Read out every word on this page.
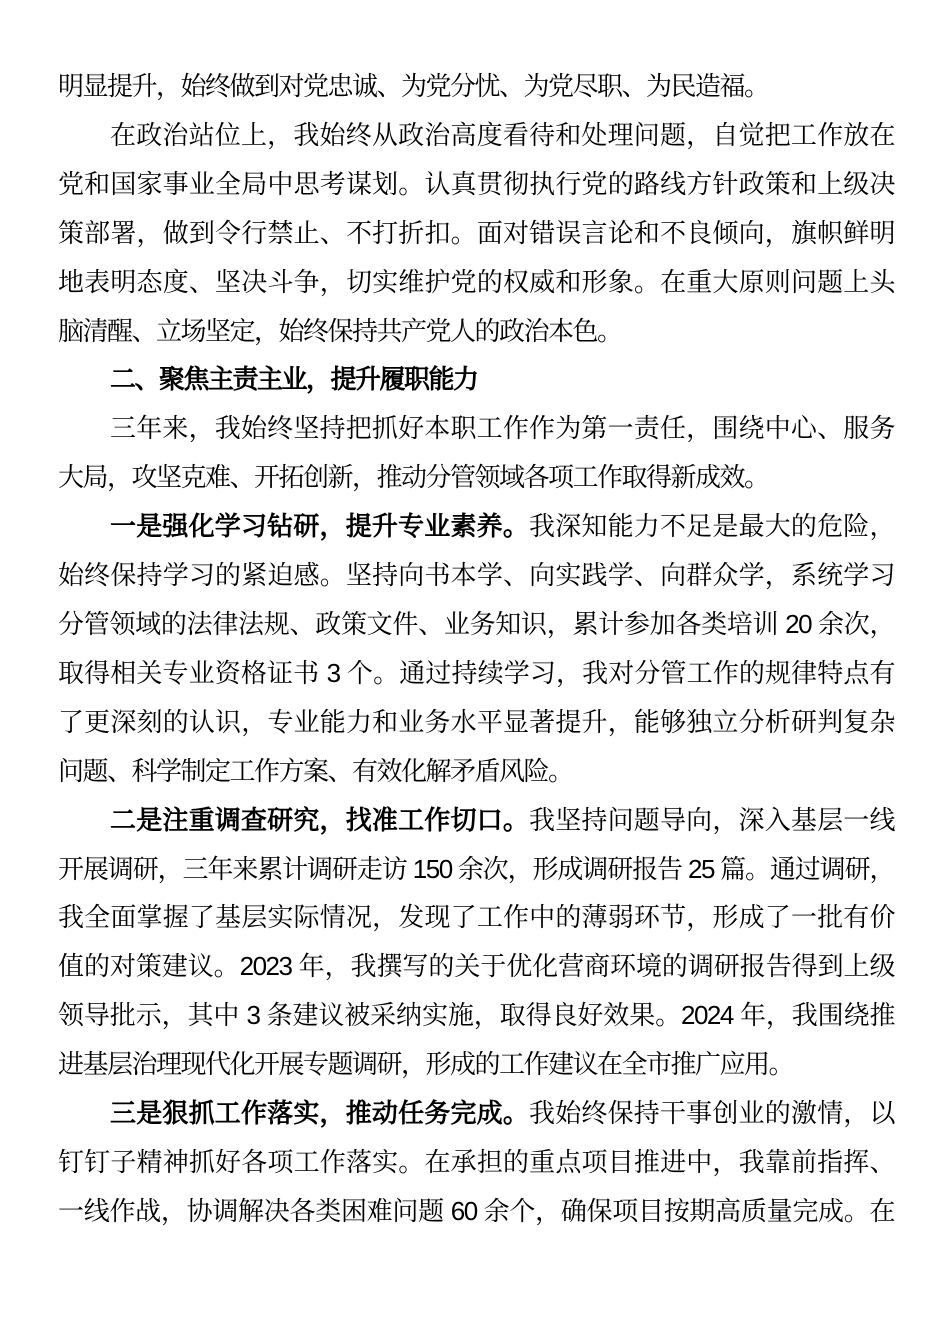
明显提升，始终做到对党忠诚、为党分忧、为党尽职、为民造福。
在政治站位上，我始终从政治高度看待和处理问题，自觉把工作放在
党和国家事业全局中思考谋划。认真贯彻执行党的路线方针政策和上级决
策部署，做到令行禁止、不打折扣。面对错误言论和不良倾向，旗帜鲜明
地表明态度、坚决斗争，切实维护党的权威和形象。在重大原则问题上头
脑清醒、立场坚定，始终保持共产党人的政治本色。
二、聚焦主责主业，提升履职能力
三年来，我始终坚持把抓好本职工作作为第一责任，围绕中心、服务
大局，攻坚克难、开拓创新，推动分管领域各项工作取得新成效。
一是强化学习钻研，提升专业素养。我深知能力不足是最大的危险，
始终保持学习的紧迫感。坚持向书本学、向实践学、向群众学，系统学习
分管领域的法律法规、政策文件、业务知识，累计参加各类培训 20 余次，
取得相关专业资格证书 3 个。通过持续学习，我对分管工作的规律特点有
了更深刻的认识，专业能力和业务水平显著提升，能够独立分析研判复杂
问题、科学制定工作方案、有效化解矛盾风险。
二是注重调查研究，找准工作切口。我坚持问题导向，深入基层一线
开展调研，三年来累计调研走访 150 余次，形成调研报告 25 篇。通过调研，
我全面掌握了基层实际情况，发现了工作中的薄弱环节，形成了一批有价
值的对策建议。2023 年，我撰写的关于优化营商环境的调研报告得到上级
领导批示，其中 3 条建议被采纳实施，取得良好效果。2024 年，我围绕推
进基层治理现代化开展专题调研，形成的工作建议在全市推广应用。
三是狠抓工作落实，推动任务完成。我始终保持干事创业的激情，以
钉钉子精神抓好各项工作落实。在承担的重点项目推进中，我靠前指挥、
一线作战，协调解决各类困难问题 60 余个，确保项目按期高质量完成。在
